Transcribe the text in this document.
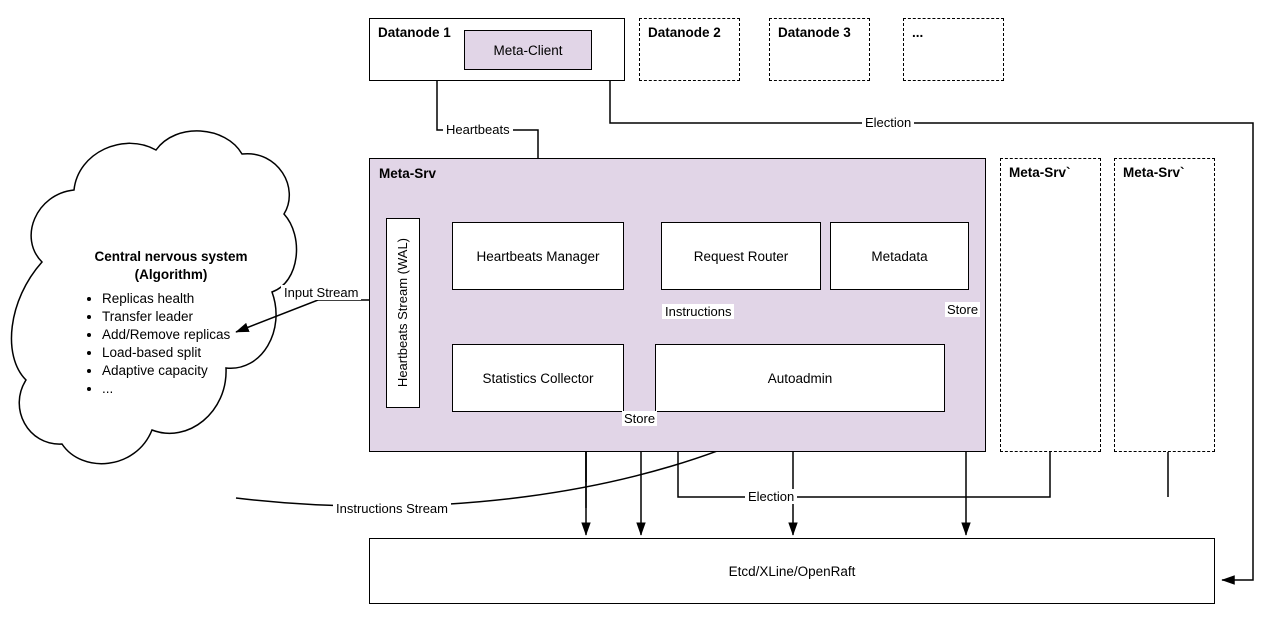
Datanode 1
Meta-Client
Datanode 2	Datanode 3	...
Meta-Srv
Heartbeats Stream (WAL)	Heartbeats Manager	Request Router	Metadata
Statistics Collector	Autoadmin
Meta-Srv`	Meta-Srv`
Etcd/XLine/OpenRaft
Central nervous system
(Algorithm)
• Replicas health
• Transfer leader
• Add/Remove replicas
• Load-based split
• Adaptive capacity
• ...
Heartbeats	Election
Input Stream
Instructions	Store
Store
Instructions Stream
Election
